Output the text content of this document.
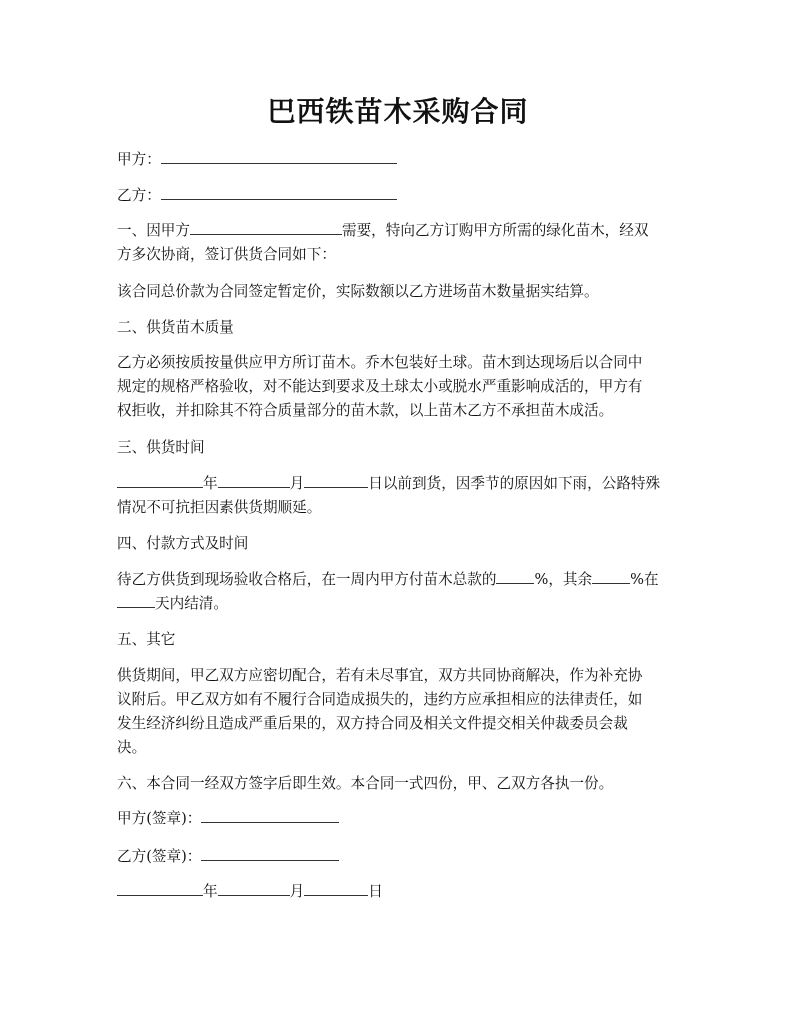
巴西铁苗木采购合同

甲方：

乙方：

一、因甲方	需要，特向乙方订购甲方所需的绿化苗木，经双
方多次协商，签订供货合同如下：

该合同总价款为合同签定暂定价，实际数额以乙方进场苗木数量据实结算。

二、供货苗木质量

乙方必须按质按量供应甲方所订苗木。乔木包装好土球。苗木到达现场后以合同中
规定的规格严格验收，对不能达到要求及土球太小或脱水严重影响成活的，甲方有
权拒收，并扣除其不符合质量部分的苗木款，以上苗木乙方不承担苗木成活。

三、供货时间

年	月	日以前到货，因季节的原因如下雨，公路特殊
情况不可抗拒因素供货期顺延。

四、付款方式及时间

待乙方供货到现场验收合格后，在一周内甲方付苗木总款的	%，其余	%在
天内结清。

五、其它

供货期间，甲乙双方应密切配合，若有未尽事宜，双方共同协商解决，作为补充协
议附后。甲乙双方如有不履行合同造成损失的，违约方应承担相应的法律责任，如
发生经济纠纷且造成严重后果的，双方持合同及相关文件提交相关仲裁委员会裁
决。

六、本合同一经双方签字后即生效。本合同一式四份，甲、乙双方各执一份。

甲方(签章)：

乙方(签章)：

年	月	日
